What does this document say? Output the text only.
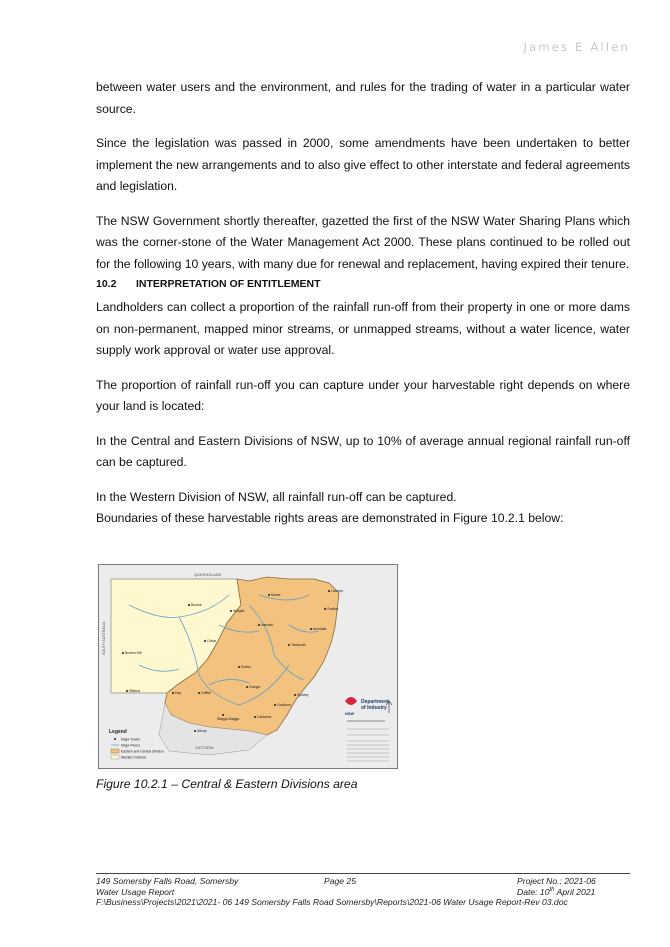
James E Allen

between water users and the environment, and rules for the trading of water in a particular water source.

Since the legislation was passed in 2000, some amendments have been undertaken to better implement the new arrangements and to also give effect to other interstate and federal agreements and legislation.

The NSW Government shortly thereafter, gazetted the first of the NSW Water Sharing Plans which was the corner-stone of the Water Management Act 2000. These plans continued to be rolled out for the following 10 years, with many due for renewal and replacement, having expired their tenure.

10.2 INTERPRETATION OF ENTITLEMENT

Landholders can collect a proportion of the rainfall run-off from their property in one or more dams on non-permanent, mapped minor streams, or unmapped streams, without a water licence, water supply work approval or water use approval.

The proportion of rainfall run-off you can capture under your harvestable right depends on where your land is located:

In the Central and Eastern Divisions of NSW, up to 10% of average annual regional rainfall run-off can be captured.

In the Western Division of NSW, all rainfall run-off can be captured.

Boundaries of these harvestable rights areas are demonstrated in Figure 10.2.1 below:

QUEENSLAND
SOUTH AUSTRALIA
VICTORIA
Broken Hill
Bourke
Cobar
Dubbo
Orange
Sydney
Tamworth
Armidale
Moree
Wagga Wagga
Albury
Griffith
Canberra
Grafton
Lismore
Narrabri
Goulburn
Mildura	Hay
Walgett
Legend
Major Towns
Major Rivers
Eastern and Central Division
Western Division
NSW
Department
of Industry
Figure 10.2.1 – Central & Eastern Divisions area
149 Somersby Falls Road, Somersby	Page 25	Project No.: 2021-06
Water Usage Report	Date: 10th April 2021
F:\Business\Projects\2021\2021- 06 149 Somersby Falls Road Somersby\Reports\2021-06 Water Usage Report-Rev 03.doc
